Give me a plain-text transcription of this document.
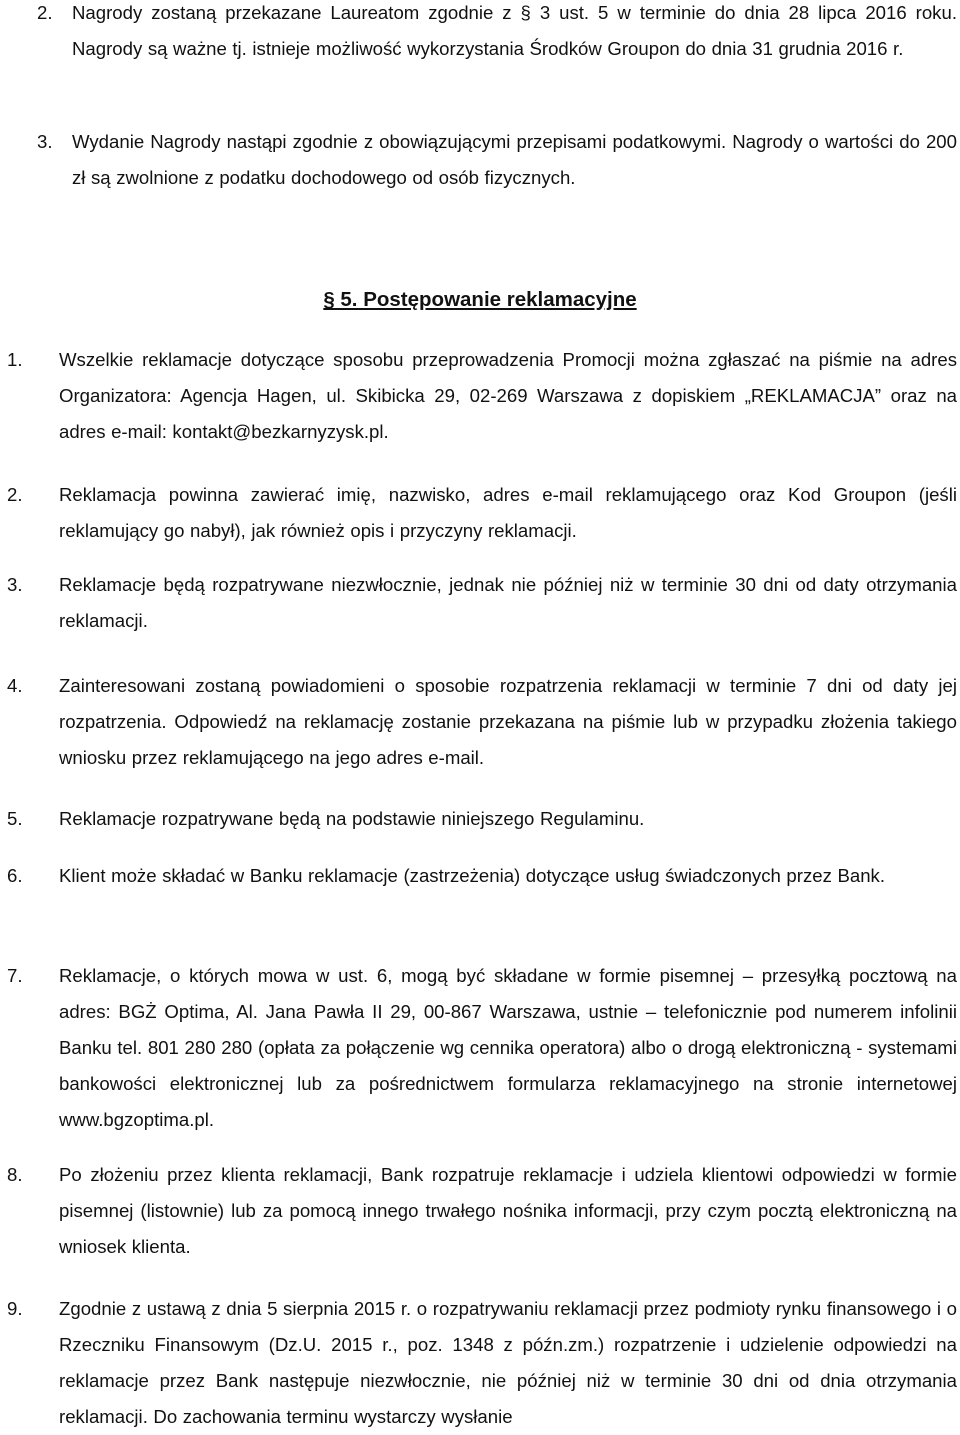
2. Nagrody zostaną przekazane Laureatom zgodnie z § 3 ust. 5 w terminie do dnia 28 lipca 2016 roku. Nagrody są ważne tj. istnieje możliwość wykorzystania Środków Groupon do dnia 31 grudnia 2016 r.
3. Wydanie Nagrody nastąpi zgodnie z obowiązującymi przepisami podatkowymi. Nagrody o wartości do 200 zł są zwolnione z podatku dochodowego od osób fizycznych.
§ 5. Postępowanie reklamacyjne
1. Wszelkie reklamacje dotyczące sposobu przeprowadzenia Promocji można zgłaszać na piśmie na adres Organizatora: Agencja Hagen, ul. Skibicka 29, 02-269 Warszawa z dopiskiem „REKLAMACJA” oraz na adres e-mail: kontakt@bezkarnyzysk.pl.
2. Reklamacja powinna zawierać imię, nazwisko, adres e-mail reklamującego oraz Kod Groupon (jeśli reklamujący go nabył), jak również opis i przyczyny reklamacji.
3. Reklamacje będą rozpatrywane niezwłocznie, jednak nie później niż w terminie 30 dni od daty otrzymania reklamacji.
4. Zainteresowani zostaną powiadomieni o sposobie rozpatrzenia reklamacji w terminie 7 dni od daty jej rozpatrzenia. Odpowiedź na reklamację zostanie przekazana na piśmie lub w przypadku złożenia takiego wniosku przez reklamującego na jego adres e-mail.
5. Reklamacje rozpatrywane będą na podstawie niniejszego Regulaminu.
6. Klient może składać w Banku reklamacje (zastrzeżenia) dotyczące usług świadczonych przez Bank.
7. Reklamacje, o których mowa w ust. 6, mogą być składane w formie pisemnej – przesyłką pocztową na adres: BGŻ Optima, Al. Jana Pawła II 29, 00-867 Warszawa, ustnie – telefonicznie pod numerem infolinii Banku tel. 801 280 280 (opłata za połączenie wg cennika operatora) albo o drogą elektroniczną - systemami bankowości elektronicznej lub za pośrednictwem formularza reklamacyjnego na stronie internetowej www.bgzoptima.pl.
8. Po złożeniu przez klienta reklamacji, Bank rozpatruje reklamacje i udziela klientowi odpowiedzi w formie pisemnej (listownie) lub za pomocą innego trwałego nośnika informacji, przy czym pocztą elektroniczną na wniosek klienta.
9. Zgodnie z ustawą z dnia 5 sierpnia 2015 r. o rozpatrywaniu reklamacji przez podmioty rynku finansowego i o Rzeczniku Finansowym (Dz.U. 2015 r., poz. 1348 z późn.zm.) rozpatrzenie i udzielenie odpowiedzi na reklamacje przez Bank następuje niezwłocznie, nie później niż w terminie 30 dni od dnia otrzymania reklamacji. Do zachowania terminu wystarczy wysłanie
